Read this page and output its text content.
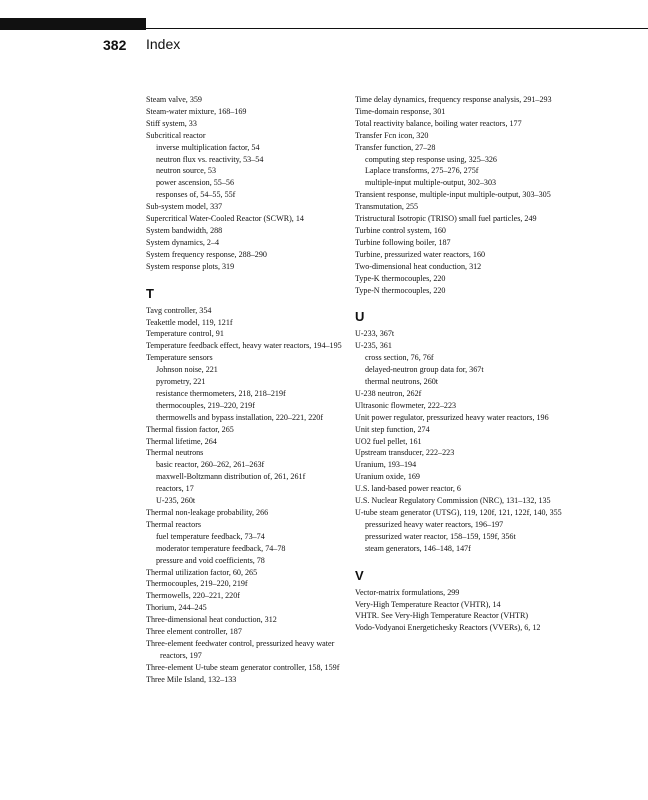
382 Index
Steam valve, 359
Steam-water mixture, 168–169
Stiff system, 33
Subcritical reactor
inverse multiplication factor, 54
neutron flux vs. reactivity, 53–54
neutron source, 53
power ascension, 55–56
responses of, 54–55, 55f
Sub-system model, 337
Supercritical Water-Cooled Reactor (SCWR), 14
System bandwidth, 288
System dynamics, 2–4
System frequency response, 288–290
System response plots, 319
T
Tavg controller, 354
Teakettle model, 119, 121f
Temperature control, 91
Temperature feedback effect, heavy water reactors, 194–195
Temperature sensors
Johnson noise, 221
pyrometry, 221
resistance thermometers, 218, 218–219f
thermocouples, 219–220, 219f
thermowells and bypass installation, 220–221, 220f
Thermal fission factor, 265
Thermal lifetime, 264
Thermal neutrons
basic reactor, 260–262, 261–263f
maxwell-Boltzmann distribution of, 261, 261f
reactors, 17
U-235, 260t
Thermal non-leakage probability, 266
Thermal reactors
fuel temperature feedback, 73–74
moderator temperature feedback, 74–78
pressure and void coefficients, 78
Thermal utilization factor, 60, 265
Thermocouples, 219–220, 219f
Thermowells, 220–221, 220f
Thorium, 244–245
Three-dimensional heat conduction, 312
Three element controller, 187
Three-element feedwater control, pressurized heavy water reactors, 197
Three-element U-tube steam generator controller, 158, 159f
Three Mile Island, 132–133
Time delay dynamics, frequency response analysis, 291–293
Time-domain response, 301
Total reactivity balance, boiling water reactors, 177
Transfer Fcn icon, 320
Transfer function, 27–28
computing step response using, 325–326
Laplace transforms, 275–276, 275f
multiple-input multiple-output, 302–303
Transient response, multiple-input multiple-output, 303–305
Transmutation, 255
Tristructural Isotropic (TRISO) small fuel particles, 249
Turbine control system, 160
Turbine following boiler, 187
Turbine, pressurized water reactors, 160
Two-dimensional heat conduction, 312
Type-K thermocouples, 220
Type-N thermocouples, 220
U
U-233, 367t
U-235, 361
cross section, 76, 76f
delayed-neutron group data for, 367t
thermal neutrons, 260t
U-238 neutron, 262f
Ultrasonic flowmeter, 222–223
Unit power regulator, pressurized heavy water reactors, 196
Unit step function, 274
UO2 fuel pellet, 161
Upstream transducer, 222–223
Uranium, 193–194
Uranium oxide, 169
U.S. land-based power reactor, 6
U.S. Nuclear Regulatory Commission (NRC), 131–132, 135
U-tube steam generator (UTSG), 119, 120f, 121, 122f, 140, 355
pressurized heavy water reactors, 196–197
pressurized water reactor, 158–159, 159f, 356t
steam generators, 146–148, 147f
V
Vector-matrix formulations, 299
Very-High Temperature Reactor (VHTR), 14
VHTR. See Very-High Temperature Reactor (VHTR)
Vodo-Vodyanoi Energetichesky Reactors (VVERs), 6, 12
